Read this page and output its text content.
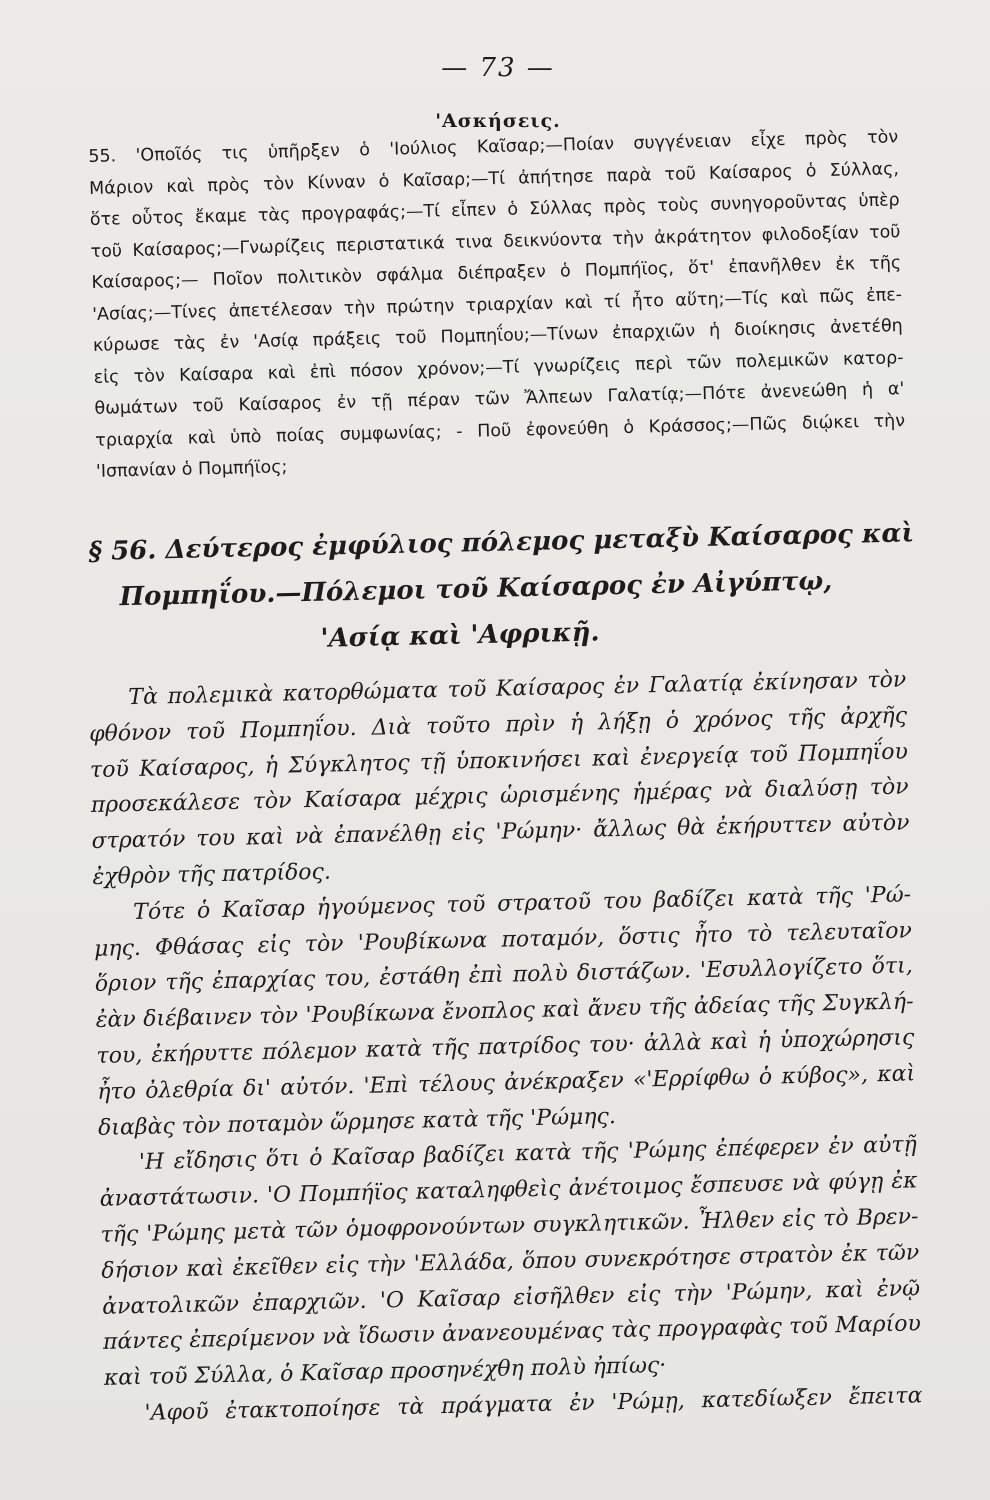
— 73 —
'Ασκήσεις.
55. 'Οποῖός τις ὑπῆρξεν ὁ 'Ιούλιος Καῖσαρ;—Ποίαν συγγένειαν εἶχε πρὸς τὸν
Μάριον καὶ πρὸς τὸν Κίνναν ὁ Καῖσαρ;—Τί ἀπήτησε παρὰ τοῦ Καίσαρος ὁ Σύλλας,
ὅτε οὗτος ἔκαμε τὰς προγραφάς;—Τί εἶπεν ὁ Σύλλας πρὸς τοὺς συνηγοροῦντας ὑπὲρ
τοῦ Καίσαρος;—Γνωρίζεις περιστατικά τινα δεικνύοντα τὴν ἀκράτητον φιλοδοξίαν τοῦ
Καίσαρος;— Ποῖον πολιτικὸν σφάλμα διέπραξεν ὁ Πομπήϊος, ὅτ' ἐπανῆλθεν ἐκ τῆς
'Ασίας;—Τίνες ἀπετέλεσαν τὴν πρώτην τριαρχίαν καὶ τί ἦτο αὕτη;—Τίς καὶ πῶς ἐπε-
κύρωσε τὰς ἐν 'Ασίᾳ πράξεις τοῦ Πομπηΐου;—Τίνων ἐπαρχιῶν ἡ διοίκησις ἀνετέθη
εἰς τὸν Καίσαρα καὶ ἐπὶ πόσον χρόνον;—Τί γνωρίζεις περὶ τῶν πολεμικῶν κατορ-
θωμάτων τοῦ Καίσαρος ἐν τῇ πέραν τῶν Ἄλπεων Γαλατίᾳ;—Πότε ἀνενεώθη ἡ α'
τριαρχία καὶ ὑπὸ ποίας συμφωνίας; - Ποῦ ἐφονεύθη ὁ Κράσσος;—Πῶς διῴκει τὴν
'Ισπανίαν ὁ Πομπήϊος;
§ 56. Δεύτερος ἐμφύλιος πόλεμος μεταξὺ Καίσαρος καὶ
Πομπηΐου.—Πόλεμοι τοῦ Καίσαρος ἐν Αἰγύπτῳ,
'Ασίᾳ καὶ 'Αφρικῇ.
Τὰ πολεμικὰ κατορθώματα τοῦ Καίσαρος ἐν Γαλατίᾳ ἐκίνησαν τὸν
φθόνον τοῦ Πομπηΐου. Διὰ τοῦτο πρὶν ἡ λήξῃ ὁ χρόνος τῆς ἀρχῆς
τοῦ Καίσαρος, ἡ Σύγκλητος τῇ ὑποκινήσει καὶ ἐνεργείᾳ τοῦ Πομπηΐου
προσεκάλεσε τὸν Καίσαρα μέχρις ὡρισμένης ἡμέρας νὰ διαλύσῃ τὸν
στρατόν του καὶ νὰ ἐπανέλθῃ εἰς 'Ρώμην· ἄλλως θὰ ἐκήρυττεν αὐτὸν
ἐχθρὸν τῆς πατρίδος.
Τότε ὁ Καῖσαρ ἡγούμενος τοῦ στρατοῦ του βαδίζει κατὰ τῆς 'Ρώ-
μης. Φθάσας εἰς τὸν 'Ρουβίκωνα ποταμόν, ὅστις ἦτο τὸ τελευταῖον
ὅριον τῆς ἐπαρχίας του, ἐστάθη ἐπὶ πολὺ διστάζων. 'Εσυλλογίζετο ὅτι,
ἐὰν διέβαινεν τὸν 'Ρουβίκωνα ἔνοπλος καὶ ἄνευ τῆς ἀδείας τῆς Συγκλή-
του, ἐκήρυττε πόλεμον κατὰ τῆς πατρίδος του· ἀλλὰ καὶ ἡ ὑποχώρησις
ἦτο ὀλεθρία δι' αὐτόν. 'Επὶ τέλους ἀνέκραξεν «'Ερρίφθω ὁ κύβος», καὶ
διαβὰς τὸν ποταμὸν ὥρμησε κατὰ τῆς 'Ρώμης.
'Η εἴδησις ὅτι ὁ Καῖσαρ βαδίζει κατὰ τῆς 'Ρώμης ἐπέφερεν ἐν αὐτῇ
ἀναστάτωσιν. 'Ο Πομπήϊος καταληφθεὶς ἀνέτοιμος ἔσπευσε νὰ φύγῃ ἐκ
τῆς 'Ρώμης μετὰ τῶν ὁμοφρονούντων συγκλητικῶν. Ἦλθεν εἰς τὸ Βρεν-
δήσιον καὶ ἐκεῖθεν εἰς τὴν 'Ελλάδα, ὅπου συνεκρότησε στρατὸν ἐκ τῶν
ἀνατολικῶν ἐπαρχιῶν. 'Ο Καῖσαρ εἰσῆλθεν εἰς τὴν 'Ρώμην, καὶ ἐνῷ
πάντες ἐπερίμενον νὰ ἴδωσιν ἀνανεουμένας τὰς προγραφὰς τοῦ Μαρίου
καὶ τοῦ Σύλλα, ὁ Καῖσαρ προσηνέχθη πολὺ ἠπίως·
'Αφοῦ ἐτακτοποίησε τὰ πράγματα ἐν 'Ρώμῃ, κατεδίωξεν ἔπειτα
